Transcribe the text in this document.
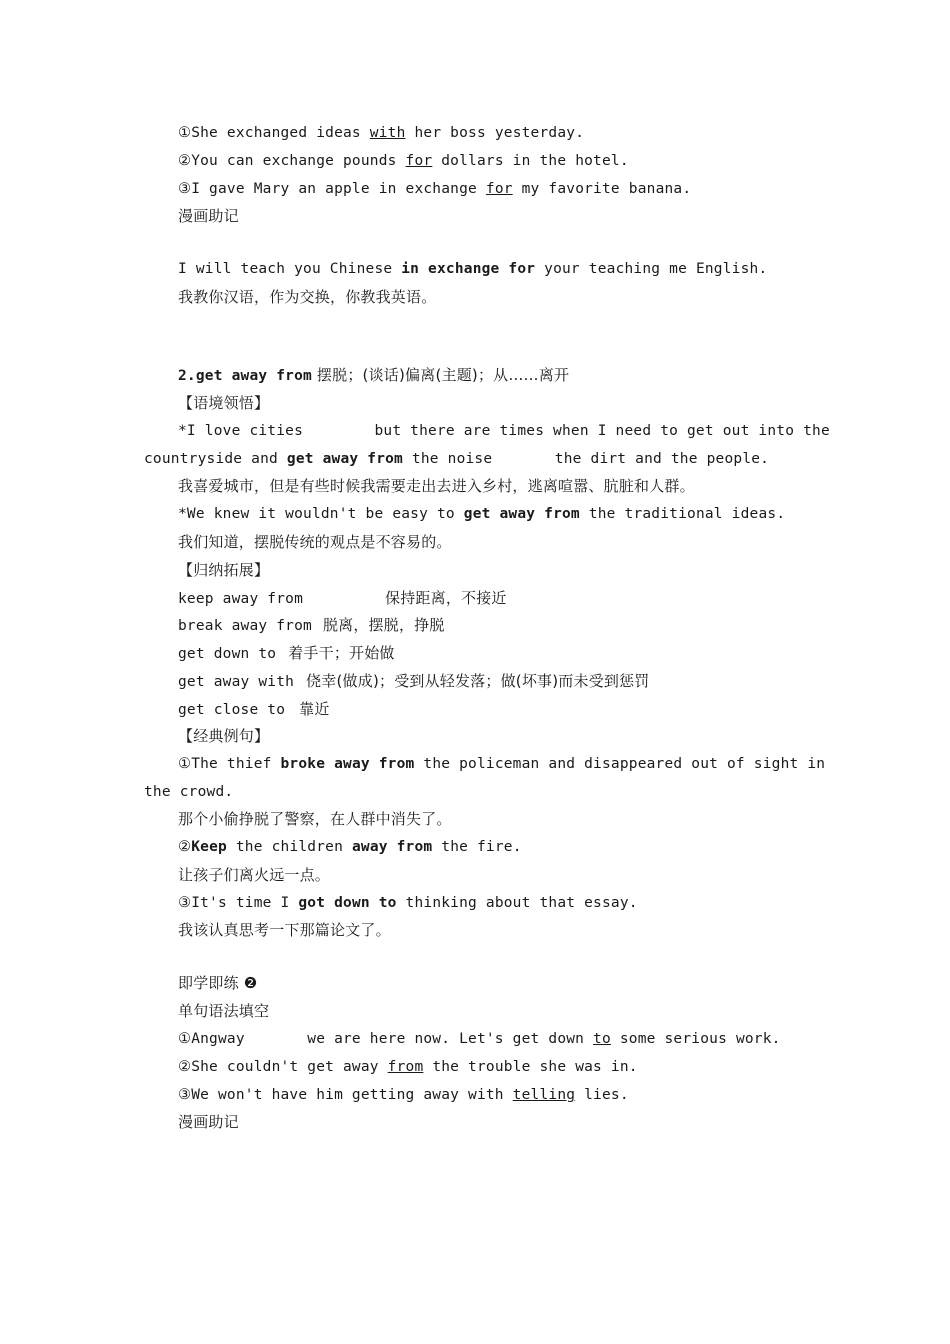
①She exchanged ideas with her boss yesterday.
②You can exchange pounds for dollars in the hotel.
③I gave Mary an apple in exchange for my favorite banana.
漫画助记
I will teach you Chinese in exchange for your teaching me English.
我教你汉语，作为交换，你教我英语。
2.get away from 摆脱；(谈话)偏离(主题)；从……离开
【语境领悟】
*I love cities        but there are times when I need to get out into the
countryside and get away from the noise       the dirt and the people.
我喜爱城市，但是有些时候我需要走出去进入乡村，逃离喧嚣、肮脏和人群。
*We knew it wouldn't be easy to get away from the traditional ideas.
我们知道，摆脱传统的观点是不容易的。
【归纳拓展】
keep away from	保持距离，不接近
break away from 脱离，摆脱，挣脱
get down to 着手干；开始做
get away with 侥幸(做成)；受到从轻发落；做(坏事)而未受到惩罚
get close to 靠近
【经典例句】
①The thief broke away from the policeman and disappeared out of sight in
the crowd.
那个小偷挣脱了警察，在人群中消失了。
②Keep the children away from the fire.
让孩子们离火远一点。
③It's time I got down to thinking about that essay.
我该认真思考一下那篇论文了。
即学即练 ❷
单句语法填空
①Angway       we are here now. Let's get down to some serious work.
②She couldn't get away from the trouble she was in.
③We won't have him getting away with telling lies.
漫画助记
